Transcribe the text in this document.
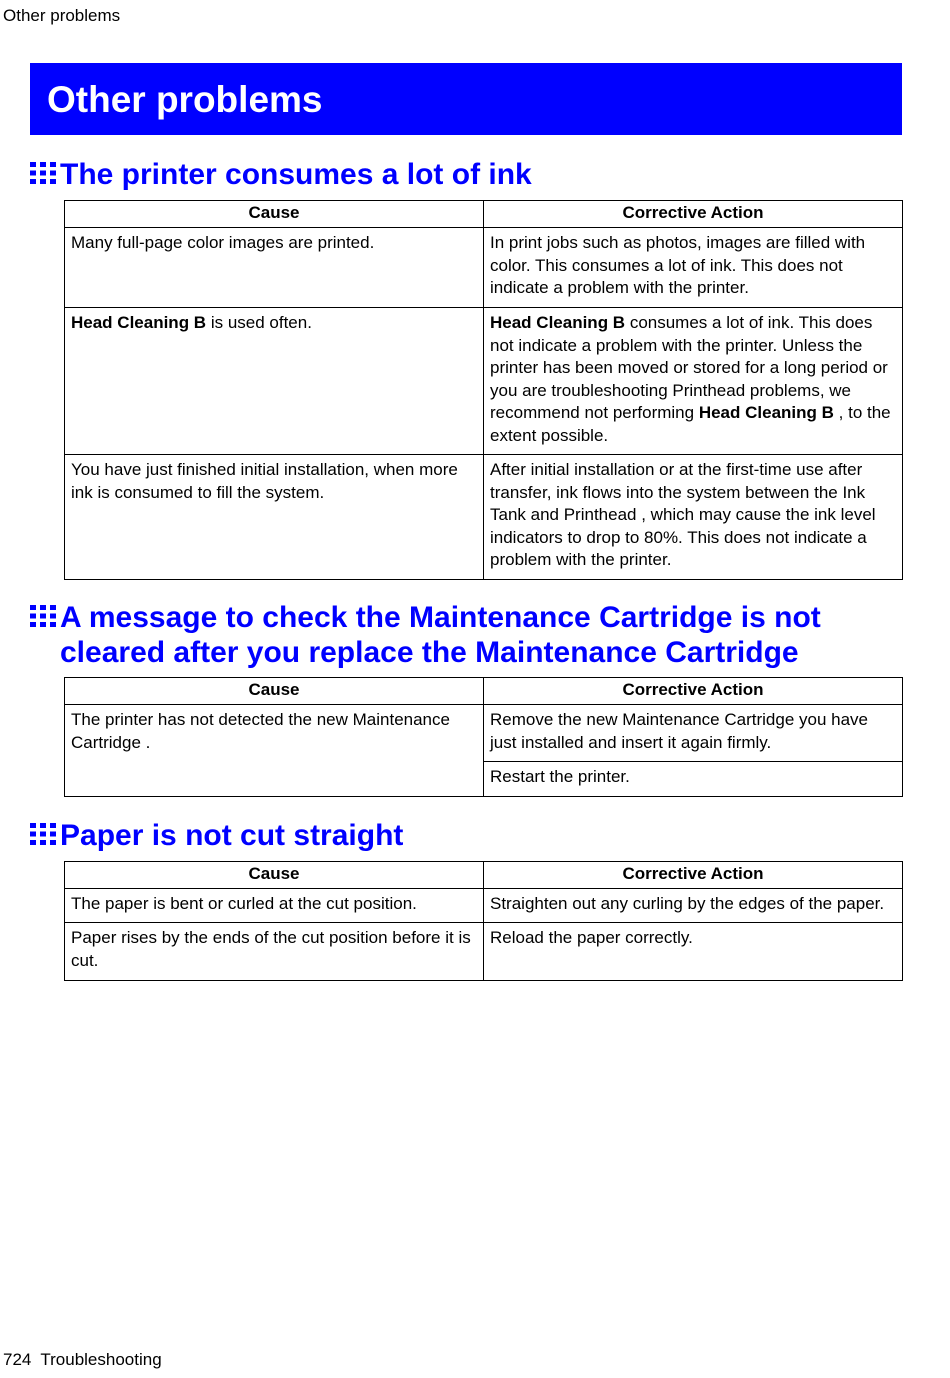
Other problems
Other problems
The printer consumes a lot of ink
Cause	Corrective Action
Many full-page color images are printed.	In print jobs such as photos, images are filled with color. This consumes a lot of ink. This does not indicate a problem with the printer.
Head Cleaning B is used often.	Head Cleaning B consumes a lot of ink. This does not indicate a problem with the printer. Unless the printer has been moved or stored for a long period or you are troubleshooting Printhead problems, we recommend not performing Head Cleaning B , to the extent possible.
You have just finished initial installation, when more ink is consumed to fill the system.	After initial installation or at the first-time use after transfer, ink flows into the system between the Ink Tank and Printhead , which may cause the ink level indicators to drop to 80%. This does not indicate a problem with the printer.
A message to check the Maintenance Cartridge is not cleared after you replace the Maintenance Cartridge
Cause	Corrective Action
The printer has not detected the new Maintenance Cartridge .	Remove the new Maintenance Cartridge you have just installed and insert it again firmly.
	Restart the printer.
Paper is not cut straight
Cause	Corrective Action
The paper is bent or curled at the cut position.	Straighten out any curling by the edges of the paper.
Paper rises by the ends of the cut position before it is cut.	Reload the paper correctly.
724 Troubleshooting
